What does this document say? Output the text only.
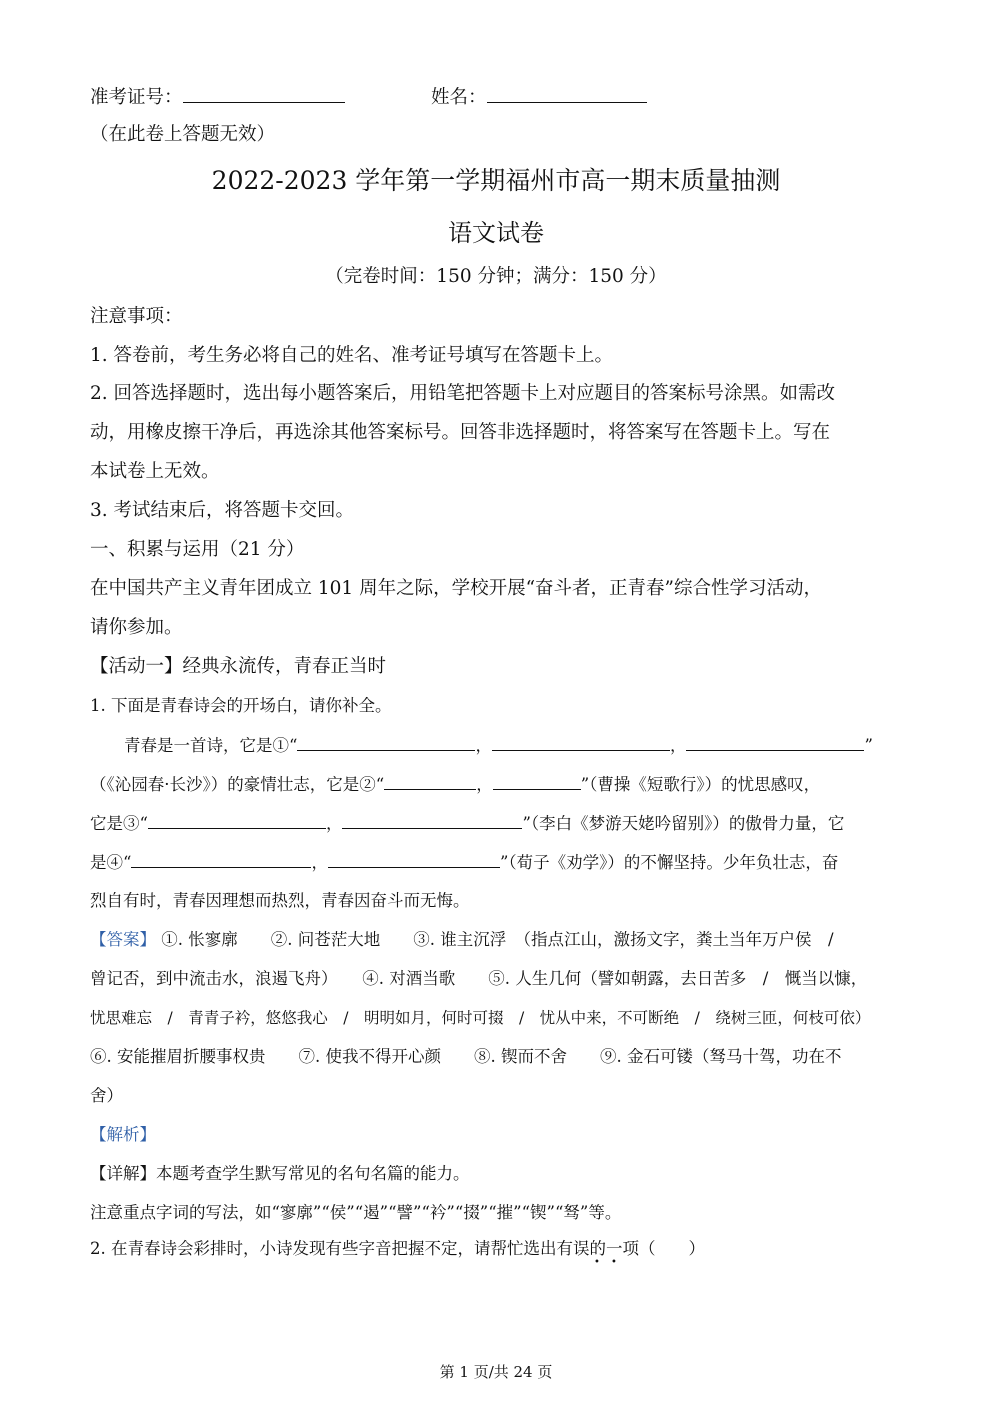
准考证号：	姓名：
（在此卷上答题无效）
2022-2023 学年第一学期福州市高一期末质量抽测
语文试卷
（完卷时间：150 分钟；满分：150 分）
注意事项：
1. 答卷前，考生务必将自己的姓名、准考证号填写在答题卡上。
2. 回答选择题时，选出每小题答案后，用铅笔把答题卡上对应题目的答案标号涂黑。如需改
动，用橡皮擦干净后，再选涂其他答案标号。回答非选择题时，将答案写在答题卡上。写在
本试卷上无效。
3. 考试结束后，将答题卡交回。
一、积累与运用（21 分）
在中国共产主义青年团成立 101 周年之际，学校开展“奋斗者，正青春”综合性学习活动，
请你参加。
【活动一】经典永流传，青春正当时
1. 下面是青春诗会的开场白，请你补全。
青春是一首诗，它是①“	，	，	”
（《沁园春·长沙》）的豪情壮志，它是②“	，	”（曹操《短歌行》）的忧思感叹，
它是③“	，	”（李白《梦游天姥吟留别》）的傲骨力量，它
是④“	，	”（荀子《劝学》）的不懈坚持。少年负壮志，奋
烈自有时，青春因理想而热烈，青春因奋斗而无悔。
【答案】 ①. 怅寥廓　　②. 问苍茫大地　　③. 谁主沉浮　（指点江山，激扬文字，粪土当年万户侯　/
曾记否，到中流击水，浪遏飞舟）　　④. 对酒当歌　　⑤. 人生几何（譬如朝露，去日苦多　/　慨当以慷，
忧思难忘　/　青青子衿，悠悠我心　/　明明如月，何时可掇　/　忧从中来，不可断绝　/　绕树三匝，何枝可依）
⑥. 安能摧眉折腰事权贵　　⑦. 使我不得开心颜　　⑧. 锲而不舍　　⑨. 金石可镂（驽马十驾，功在不
舍）
【解析】
【详解】本题考查学生默写常见的名句名篇的能力。
注意重点字词的写法，如“寥廓”“侯”“遏”“譬”“衿”“掇”“摧”“锲”“驽”等。
2. 在青春诗会彩排时，小诗发现有些字音把握不定，请帮忙选出有误的一项（　　）
• •
第 1 页/共 24 页
